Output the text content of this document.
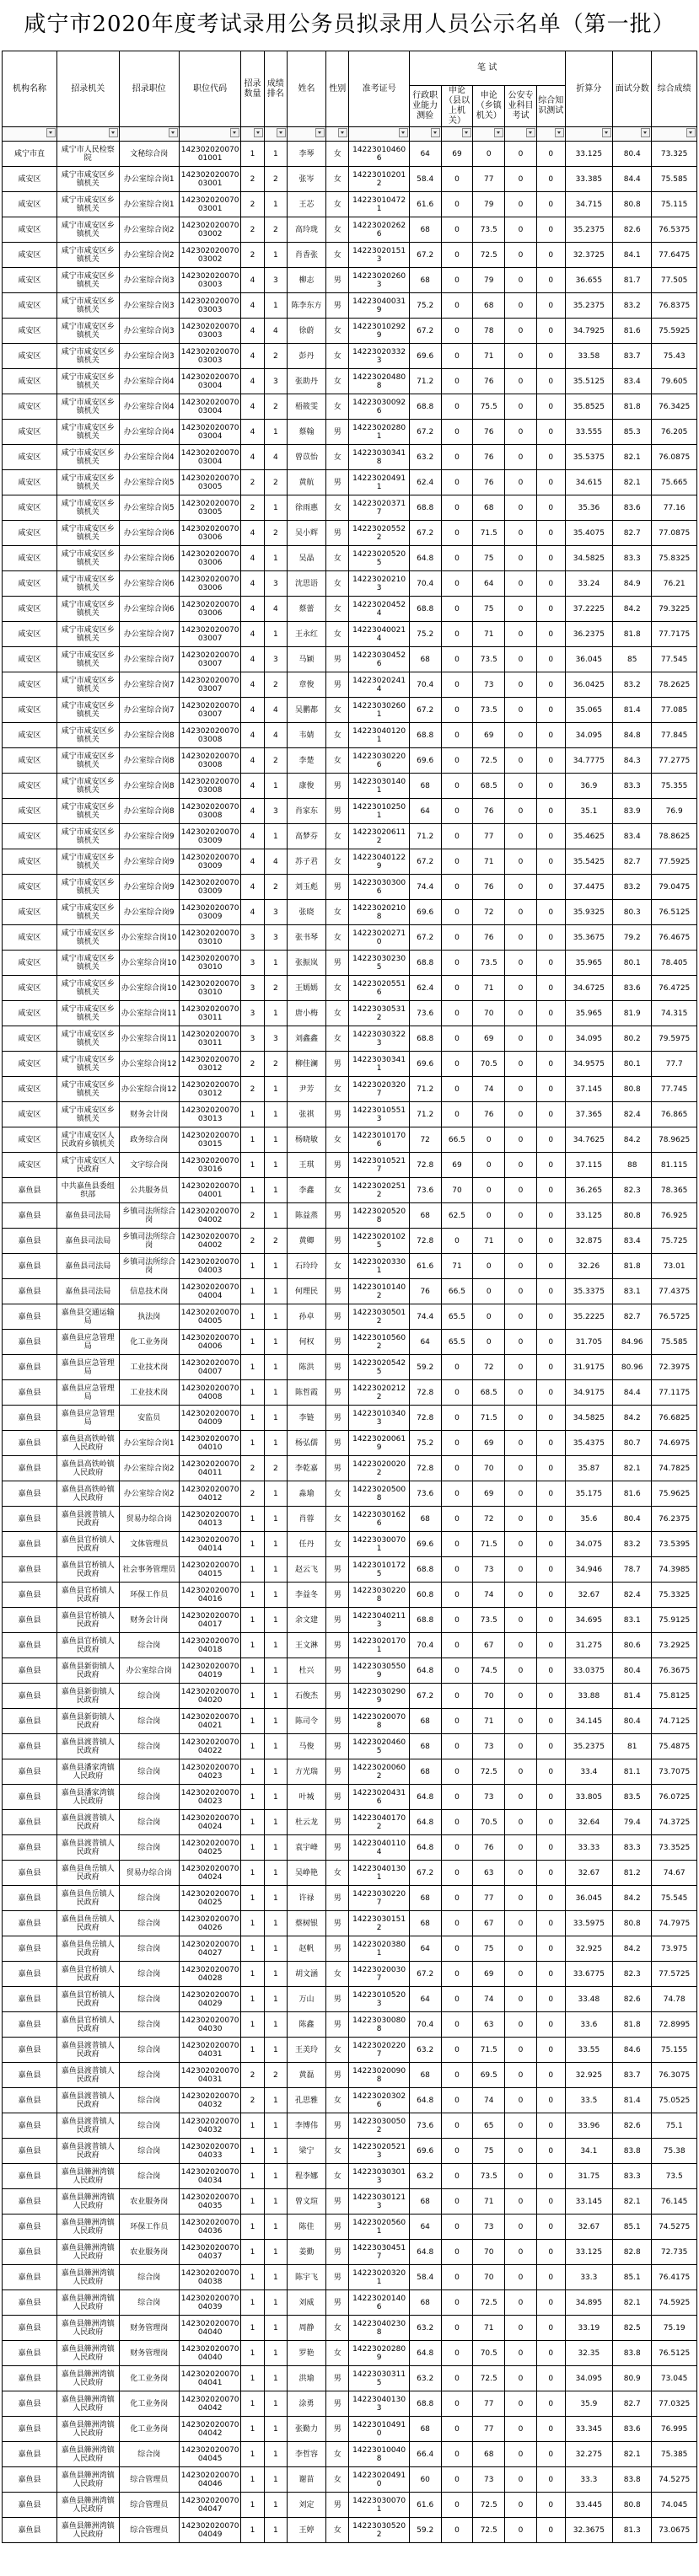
咸宁市2020年度考试录用公务员拟录用人员公示名单（第一批）
机构名称	招录机关	招录职位	职位代码	招录数量	成绩排名	姓名	性别	准考证号	笔 试					折算分	面试分数	综合成绩
									行政职业能力测验	申论（县以上机关）	申论（乡镇机关）	公安专业科目考试	综合知识测试			

咸宁市直	咸宁市人民检察院	文秘综合岗	14230202007001001	1	1	李琴	女	142230104606	64	69	0	0	0	33.125	80.4	73.325
咸安区	咸宁市咸安区乡镇机关	办公室综合岗1	14230202007003001	2	2	张岑	女	142230102012	58.4	0	77	0	0	33.385	84.4	75.585
咸安区	咸宁市咸安区乡镇机关	办公室综合岗1	14230202007003001	2	1	王芯	女	142230104721	61.6	0	79	0	0	34.715	80.8	75.115
咸安区	咸宁市咸安区乡镇机关	办公室综合岗2	14230202007003002	2	2	高玲珑	女	142230202626	68	0	73.5	0	0	35.2375	82.6	76.5375
咸安区	咸宁市咸安区乡镇机关	办公室综合岗2	14230202007003002	2	1	肖香张	女	142230201513	67.2	0	72.5	0	0	32.3725	84.1	77.6475
咸安区	咸宁市咸安区乡镇机关	办公室综合岗3	14230202007003003	4	3	柳志	男	142230202603	68	0	79	0	0	36.655	81.7	77.505
咸安区	咸宁市咸安区乡镇机关	办公室综合岗3	14230202007003003	4	1	陈李东方	男	142230400319	75.2	0	68	0	0	35.2375	83.2	76.8375
咸安区	咸宁市咸安区乡镇机关	办公室综合岗3	14230202007003003	4	4	徐蔚	女	142230102929	67.2	0	78	0	0	34.7925	81.6	75.5925
咸安区	咸宁市咸安区乡镇机关	办公室综合岗3	14230202007003003	4	2	彭丹	女	142230203323	69.6	0	71	0	0	33.58	83.7	75.43
咸安区	咸宁市咸安区乡镇机关	办公室综合岗4	14230202007003004	4	3	张助丹	女	142230204808	71.2	0	76	0	0	35.5125	83.4	79.605
咸安区	咸宁市咸安区乡镇机关	办公室综合岗4	14230202007003004	4	2	梧筱雯	女	142230300926	68.8	0	75.5	0	0	35.8525	81.8	76.3425
咸安区	咸宁市咸安区乡镇机关	办公室综合岗4	14230202007003004	4	1	蔡翰	男	142230202801	67.2	0	76	0	0	33.555	85.3	76.205
咸安区	咸宁市咸安区乡镇机关	办公室综合岗4	14230202007003004	4	4	曾苡怡	女	142230303418	63.2	0	76	0	0	35.5375	82.1	76.0875
咸安区	咸宁市咸安区乡镇机关	办公室综合岗5	14230202007003005	2	2	黄航	男	142230204911	62.4	0	76	0	0	34.615	82.1	75.665
咸安区	咸宁市咸安区乡镇机关	办公室综合岗5	14230202007003005	2	1	徐雨惠	女	142230203717	68.8	0	68	0	0	35.36	83.6	77.16
咸安区	咸宁市咸安区乡镇机关	办公室综合岗6	14230202007003006	4	2	吴小辉	男	142230205522	67.2	0	71.5	0	0	35.4075	82.7	77.0875
咸安区	咸宁市咸安区乡镇机关	办公室综合岗6	14230202007003006	4	1	吴晶	女	142230205205	64.8	0	75	0	0	34.5825	83.3	75.8325
咸安区	咸宁市咸安区乡镇机关	办公室综合岗6	14230202007003006	4	3	沈思语	女	142230202103	70.4	0	64	0	0	33.24	84.9	76.21
咸安区	咸宁市咸安区乡镇机关	办公室综合岗6	14230202007003006	4	4	蔡蕾	女	142230204524	68.8	0	75	0	0	37.2225	84.2	79.3225
咸安区	咸宁市咸安区乡镇机关	办公室综合岗7	14230202007003007	4	1	王永红	女	142230400214	75.2	0	71	0	0	36.2375	81.8	77.7175
咸安区	咸宁市咸安区乡镇机关	办公室综合岗7	14230202007003007	4	3	马颖	男	142230304526	68	0	73.5	0	0	36.045	85	77.545
咸安区	咸宁市咸安区乡镇机关	办公室综合岗7	14230202007003007	4	2	章俊	男	142230202414	70.4	0	73	0	0	36.0425	83.2	78.2625
咸安区	咸宁市咸安区乡镇机关	办公室综合岗7	14230202007003007	4	4	吴鹏都	女	142230302601	67.2	0	73.5	0	0	35.065	81.4	77.085
咸安区	咸宁市咸安区乡镇机关	办公室综合岗8	14230202007003008	4	4	韦婧	女	142230401201	68.8	0	69	0	0	34.095	84.8	77.845
咸安区	咸宁市咸安区乡镇机关	办公室综合岗8	14230202007003008	4	2	李楚	女	142230302206	69.6	0	72.5	0	0	34.7775	84.3	77.2775
咸安区	咸宁市咸安区乡镇机关	办公室综合岗8	14230202007003008	4	1	康俊	男	142230301401	68	0	68.5	0	0	36.9	83.3	75.355
咸安区	咸宁市咸安区乡镇机关	办公室综合岗8	14230202007003008	4	3	肖家东	男	142230102501	64	0	76	0	0	35.1	83.9	76.9
咸安区	咸宁市咸安区乡镇机关	办公室综合岗9	14230202007003009	4	1	高梦芬	女	142230206112	71.2	0	77	0	0	35.4625	83.4	78.8625
咸安区	咸宁市咸安区乡镇机关	办公室综合岗9	14230202007003009	4	4	苏子君	女	142230401229	67.2	0	71	0	0	35.5425	82.7	77.5925
咸安区	咸宁市咸安区乡镇机关	办公室综合岗9	14230202007003009	4	2	刘玉彪	男	142230303006	74.4	0	76	0	0	37.4475	83.2	79.0475
咸安区	咸宁市咸安区乡镇机关	办公室综合岗9	14230202007003009	4	3	张晓	女	142230202108	69.6	0	72	0	0	35.9325	80.3	76.5125
咸安区	咸宁市咸安区乡镇机关	办公室综合岗10	14230202007003010	3	3	张书琴	女	142230202710	67.2	0	76	0	0	35.3675	79.2	76.4675
咸安区	咸宁市咸安区乡镇机关	办公室综合岗10	14230202007003010	3	1	张振岚	男	142230302305	68.8	0	73.5	0	0	35.965	80.1	78.405
咸安区	咸宁市咸安区乡镇机关	办公室综合岗10	14230202007003010	3	2	王嫣嫣	女	142230205516	62.4	0	71	0	0	34.6725	83.6	76.4725
咸安区	咸宁市咸安区乡镇机关	办公室综合岗11	14230202007003011	3	1	唐小梅	女	142230305312	73.6	0	70	0	0	35.965	81.9	74.315
咸安区	咸宁市咸安区乡镇机关	办公室综合岗11	14230202007003011	3	3	刘鑫鑫	女	142230303223	68.8	0	69	0	0	34.095	80.2	79.5975
咸安区	咸宁市咸安区乡镇机关	办公室综合岗12	14230202007003012	2	2	柳佳澜	男	142230303411	69.6	0	70.5	0	0	34.9575	80.1	77.7
咸安区	咸宁市咸安区乡镇机关	办公室综合岗12	14230202007003012	2	1	尹芳	女	142230203207	71.2	0	74	0	0	37.145	80.8	77.745
咸安区	咸宁市咸安区乡镇机关	财务会计岗	14230202007003013	1	1	张祺	男	142230105513	71.2	0	76	0	0	37.365	82.4	76.865
咸安区	咸宁市咸安区人民政府乡镇机关	政务综合岗	14230202007003015	1	1	杨晓敏	女	142230101706	72	66.5	0	0	0	34.7625	84.2	78.9625
咸安区	咸宁市咸安区人民政府	文字综合岗	14230202007003016	1	1	王琪	男	142230105217	72.8	69	0	0	0	37.115	88	81.115
嘉鱼县	中共嘉鱼县委组织部	公共服务员	14230202007004001	1	1	李鑫	女	142230202512	73.6	70	0	0	0	36.265	82.3	78.365
嘉鱼县	嘉鱼县司法局	乡镇司法所综合岗	14230202007004002	2	1	陈益蒸	男	142230205208	68	62.5	0	0	0	33.125	80.8	76.925
嘉鱼县	嘉鱼县司法局	乡镇司法所综合岗	14230202007004002	2	2	黄卿	男	142230201025	72.8	0	71	0	0	32.875	83.4	75.725
嘉鱼县	嘉鱼县司法局	乡镇司法所综合岗	14230202007004003	1	1	石玲玲	女	142230203301	61.6	71	0	0	0	32.26	81.8	73.01
嘉鱼县	嘉鱼县司法局	信息技术岗	14230202007004004	1	1	何理民	男	142230101402	76	66.5	0	0	0	35.3375	83.1	77.4375
嘉鱼县	嘉鱼县交通运输局	执法岗	14230202007004005	1	1	孙卓	男	142230305012	74.4	65.5	0	0	0	35.2225	82.7	76.5725
嘉鱼县	嘉鱼县应急管理局	化工业务岗	14230202007004006	1	1	何权	男	142230105602	64	65.5	0	0	0	31.705	84.96	75.585
嘉鱼县	嘉鱼县应急管理局	工业技术岗	14230202007004007	1	1	陈洪	男	142230205425	59.2	0	72	0	0	31.9175	80.96	72.3975
嘉鱼县	嘉鱼县应急管理局	工业技术岗	14230202007004008	1	1	陈哲霞	男	142230202122	72.8	0	68.5	0	0	34.9175	84.4	77.1175
嘉鱼县	嘉鱼县应急管理局	安监员	14230202007004009	1	1	李链	男	142230103403	72.8	0	71.5	0	0	34.5825	84.2	76.6825
嘉鱼县	嘉鱼县高铁岭镇人民政府	办公室综合岗1	14230202007004010	1	1	杨弘儒	男	142230200619	75.2	0	69	0	0	35.4375	80.7	74.6975
嘉鱼县	嘉鱼县高铁岭镇人民政府	办公室综合岗2	14230202007004011	2	2	李乾嘉	男	142230200202	72.8	0	70	0	0	35.87	82.1	74.7825
嘉鱼县	嘉鱼县高铁岭镇人民政府	办公室综合岗2	14230202007004012	2	1	淼瑜	女	142230205008	73.6	0	69	0	0	35.175	81.6	75.9625
嘉鱼县	嘉鱼县渡普镇人民政府	贸易办综合岗	14230202007004013	1	1	肖蓉	女	142230301626	68	0	72	0	0	35.6	80.4	76.2375
嘉鱼县	嘉鱼县官桥镇人民政府	文体管理员	14230202007004014	1	1	任丹	女	142230300701	69.6	0	71.5	0	0	34.075	83.2	73.5395
嘉鱼县	嘉鱼县官桥镇人民政府	社会事务管理员	14230202007004015	1	1	赵云飞	男	142230101725	68.8	0	73	0	0	34.946	78.7	74.3985
嘉鱼县	嘉鱼县官桥镇人民政府	环保工作员	14230202007004016	1	1	李益冬	男	142230302208	60.8	0	74	0	0	32.67	82.4	75.3325
嘉鱼县	嘉鱼县官桥镇人民政府	财务会计岗	14230202007004017	1	1	余文建	男	142230402113	68.8	0	73.5	0	0	34.695	83.1	75.9125
嘉鱼县	嘉鱼县官桥镇人民政府	综合岗	14230202007004018	1	1	王文淋	男	142230201701	70.4	0	67	0	0	31.275	80.6	73.2925
嘉鱼县	嘉鱼县新街镇人民政府	办公室综合岗	14230202007004019	1	1	杜兴	男	142230305509	64.8	0	74.5	0	0	33.0375	80.4	76.3675
嘉鱼县	嘉鱼县新街镇人民政府	综合岗	14230202007004020	1	1	石俊杰	男	142230302909	67.2	0	70	0	0	33.88	81.4	75.8125
嘉鱼县	嘉鱼县新街镇人民政府	综合岗	14230202007004021	1	1	陈司令	男	142230200708	68	0	71	0	0	34.145	80.4	74.7125
嘉鱼县	嘉鱼县渡普镇人民政府	综合岗	14230202007004022	1	1	马俊	男	142230204605	68	0	73	0	0	35.2375	81	75.4875
嘉鱼县	嘉鱼县潘家湾镇人民政府	综合岗	14230202007004023	1	1	方光瑞	男	142230200602	68	0	72.5	0	0	33.4	81.1	73.7075
嘉鱼县	嘉鱼县潘家湾镇人民政府	综合岗	14230202007004023	1	1	叶城	男	142230204316	64.8	0	73	0	0	33.805	83.5	76.0725
嘉鱼县	嘉鱼县渡普镇人民政府	综合岗	14230202007004024	1	1	杜云龙	男	142230401702	64.8	0	70.5	0	0	32.64	79.4	74.3725
嘉鱼县	嘉鱼县渡普镇人民政府	综合岗	14230202007004025	1	1	袁宇峰	男	142230401104	64.8	0	76	0	0	33.33	83.3	73.3525
嘉鱼县	嘉鱼县鱼岳镇人民政府	贸易办综合岗	14230202007004024	1	1	吴峥艳	女	142230401301	67.2	0	63	0	0	32.67	81.2	74.67
嘉鱼县	嘉鱼县鱼岳镇人民政府	综合岗	14230202007004025	1	1	许禄	男	142230302207	68	0	77	0	0	36.045	84.2	75.545
嘉鱼县	嘉鱼县鱼岳镇人民政府	综合岗	14230202007004026	1	1	蔡树银	男	142230301512	68	0	67	0	0	33.5975	80.8	74.7975
嘉鱼县	嘉鱼县鱼岳镇人民政府	综合岗	14230202007004027	1	1	赵帆	男	142230203801	64	0	75	0	0	32.925	84.2	73.975
嘉鱼县	嘉鱼县官桥镇人民政府	综合岗	14230202007004028	1	1	胡文涵	女	142230200307	67.2	0	69	0	0	33.6775	82.3	77.5725
嘉鱼县	嘉鱼县官桥镇人民政府	综合岗	14230202007004029	1	1	万山	男	142230105203	64	0	74	0	0	33.48	82.6	74.78
嘉鱼县	嘉鱼县官桥镇人民政府	综合岗	14230202007004030	1	1	陈鑫	男	142230300808	70.4	0	63	0	0	33.6	81.8	72.8995
嘉鱼县	嘉鱼县渡普镇人民政府	综合岗	14230202007004031	1	1	王美玲	女	142230202207	63.2	0	71.5	0	0	33.55	84.6	75.155
嘉鱼县	嘉鱼县渡普镇人民政府	综合岗	14230202007004031	2	2	黄磊	男	142230200908	68	0	69.5	0	0	32.925	83.7	76.3075
嘉鱼县	嘉鱼县渡普镇人民政府	综合岗	14230202007004032	2	1	孔思雅	女	142230203026	64.8	0	74	0	0	33.5	81.4	75.0525
嘉鱼县	嘉鱼县渡普镇人民政府	综合岗	14230202007004032	1	1	李博伟	男	142230300502	73.6	0	65	0	0	33.96	82.6	75.1
嘉鱼县	嘉鱼县渡普镇人民政府	综合岗	14230202007004033	1	1	梁宁	女	142230205213	69.6	0	75	0	0	34.1	83.8	75.38
嘉鱼县	嘉鱼县簰洲湾镇人民政府	综合岗	14230202007004034	1	1	程李娜	女	142230303013	63.2	0	73.5	0	0	31.75	83.3	73.5
嘉鱼县	嘉鱼县簰洲湾镇人民政府	农业服务岗	14230202007004035	1	1	曾文瑄	男	142230301213	68	0	71	0	0	33.145	82.1	76.145
嘉鱼县	嘉鱼县簰洲湾镇人民政府	环保工作员	14230202007004036	1	1	陈佳	男	142230205601	64	0	73	0	0	32.67	85.1	74.5275
嘉鱼县	嘉鱼县簰洲湾镇人民政府	农业服务岗	14230202007004037	1	1	姜勤	男	142230304517	64.8	0	70	0	0	33.125	82.8	72.735
嘉鱼县	嘉鱼县簰洲湾镇人民政府	综合岗	14230202007004038	1	1	陈宇飞	男	142230203201	58.4	0	70	0	0	33.3	85.1	76.4175
嘉鱼县	嘉鱼县簰洲湾镇人民政府	综合岗	14230202007004039	1	1	刘威	男	142230201406	68	0	72.5	0	0	34.895	82.1	74.5925
嘉鱼县	嘉鱼县簰洲湾镇人民政府	财务管理岗	14230202007004040	1	1	周静	女	142230402308	63.2	0	71	0	0	33.19	82.5	75.19
嘉鱼县	嘉鱼县簰洲湾镇人民政府	财务管理岗	14230202007004040	1	1	罗艳	女	142230202809	64.8	0	70.5	0	0	32.35	83.8	76.5125
嘉鱼县	嘉鱼县簰洲湾镇人民政府	化工业务岗	14230202007004041	1	1	洪瑜	男	142230303115	63.2	0	72.5	0	0	34.095	80.9	73.045
嘉鱼县	嘉鱼县簰洲湾镇人民政府	化工业务岗	14230202007004042	1	1	涂勇	男	142230401303	68.8	0	77	0	0	35.9	82.7	77.0325
嘉鱼县	嘉鱼县簰洲湾镇人民政府	化工业务岗	14230202007004042	1	1	张勤力	男	142230104910	68	0	77	0	0	33.345	83.6	76.995
嘉鱼县	嘉鱼县簰洲湾镇人民政府	综合岗	14230202007004045	1	1	李哲容	女	142230100408	66.4	0	68	0	0	32.275	82.1	75.385
嘉鱼县	嘉鱼县簰洲湾镇人民政府	综合管理员	14230202007004046	1	1	谢苗	女	142230204910	60	0	73	0	0	33.3	83.8	74.5275
嘉鱼县	嘉鱼县簰洲湾镇人民政府	综合管理员	14230202007004047	1	1	刘定	男	142230300701	61.6	0	72.5	0	0	33.445	80.8	74.045
嘉鱼县	嘉鱼县簰洲湾镇人民政府	综合管理员	14230202007004049	1	1	王婷	女	142230305202	59.2	0	72.5	0	0	32.3675	81.3	73.0675
